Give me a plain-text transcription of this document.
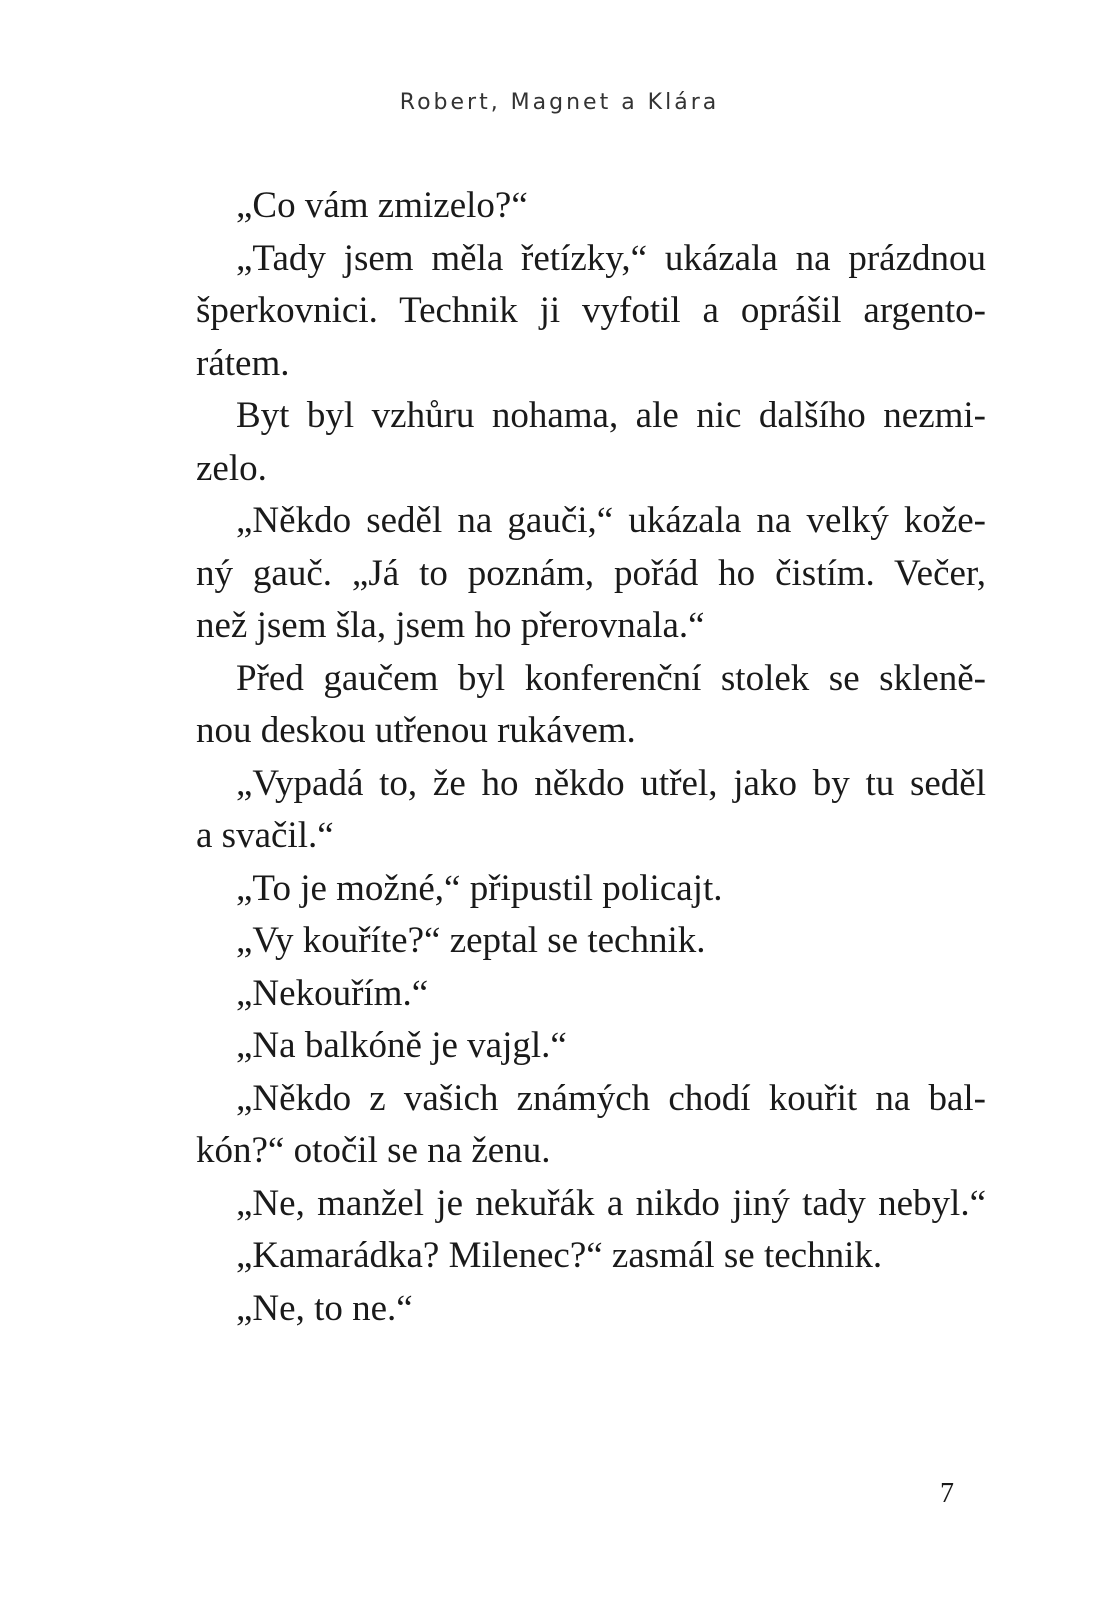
Robert, Magnet a Klára
„Co vám zmizelo?“
„Tady jsem měla řetízky,“ ukázala na prázdnou
šperkovnici. Technik ji vyfotil a oprášil argento-
rátem.
Byt byl vzhůru nohama, ale nic dalšího nezmi-
zelo.
„Někdo seděl na gauči,“ ukázala na velký kože-
ný gauč. „Já to poznám, pořád ho čistím. Večer,
než jsem šla, jsem ho přerovnala.“
Před gaučem byl konferenční stolek se skleně-
nou deskou utřenou rukávem.
„Vypadá to, že ho někdo utřel, jako by tu seděl
a svačil.“
„To je možné,“ připustil policajt.
„Vy kouříte?“ zeptal se technik.
„Nekouřím.“
„Na balkóně je vajgl.“
„Někdo z vašich známých chodí kouřit na bal-
kón?“ otočil se na ženu.
„Ne, manžel je nekuřák a nikdo jiný tady nebyl.“
„Kamarádka? Milenec?“ zasmál se technik.
„Ne, to ne.“
7
